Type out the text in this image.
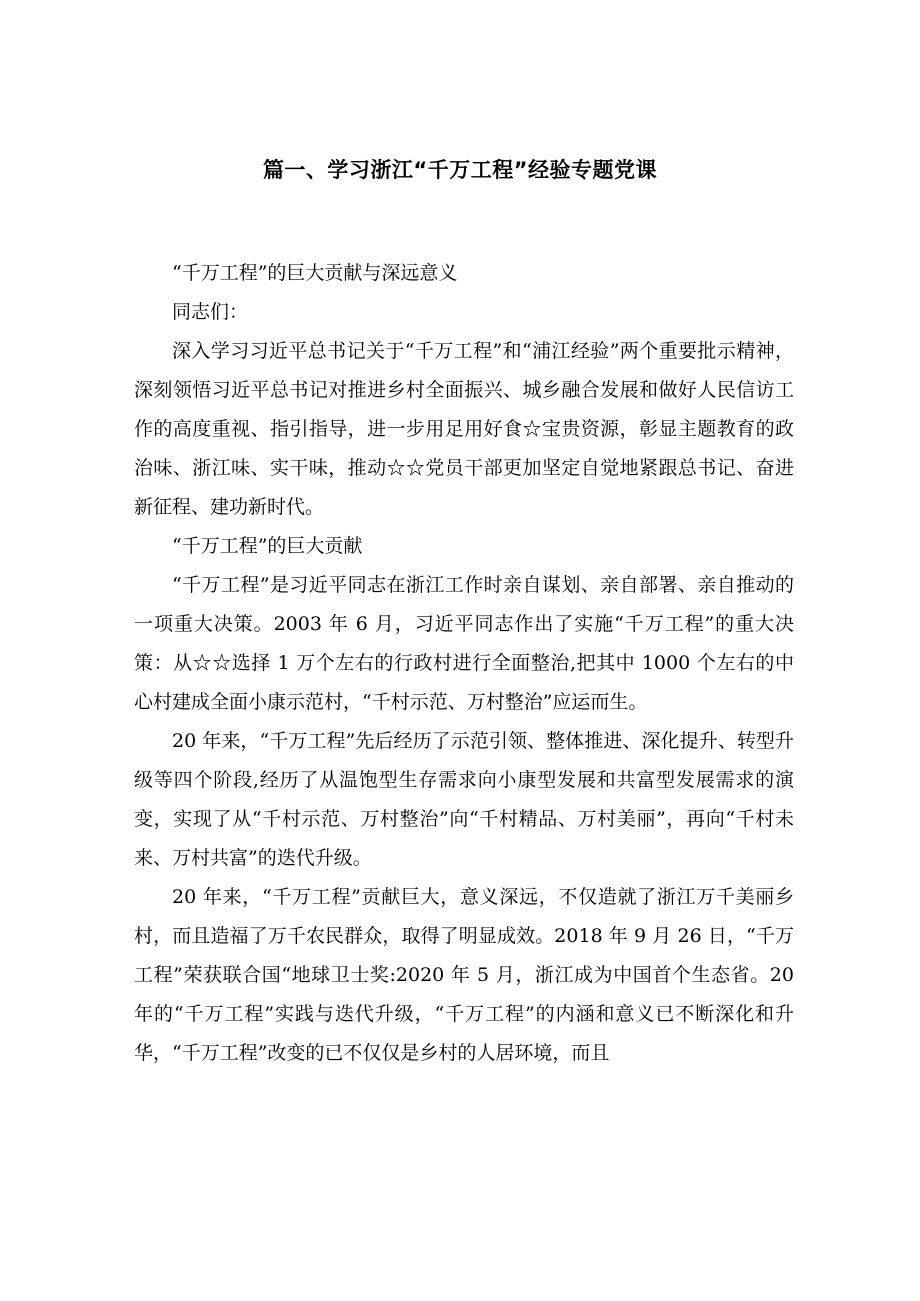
篇一、学习浙江“千万工程”经验专题党课

“千万工程”的巨大贡献与深远意义

同志们：

深入学习习近平总书记关于“千万工程”和“浦江经验”两个重要批示精神，深刻领悟习近平总书记对推进乡村全面振兴、城乡融合发展和做好人民信访工作的高度重视、指引指导，进一步用足用好食☆宝贵资源，彰显主题教育的政治味、浙江味、实干味，推动☆☆党员干部更加坚定自觉地紧跟总书记、奋进新征程、建功新时代。

“千万工程”的巨大贡献

“千万工程”是习近平同志在浙江工作时亲自谋划、亲自部署、亲自推动的一项重大决策。2003 年 6 月，习近平同志作出了实施“千万工程”的重大决策：从☆☆选择 1 万个左右的行政村进行全面整治,把其中 1000 个左右的中心村建成全面小康示范村，“千村示范、万村整治”应运而生。

20 年来，“千万工程”先后经历了示范引领、整体推进、深化提升、转型升级等四个阶段,经历了从温饱型生存需求向小康型发展和共富型发展需求的演变，实现了从“千村示范、万村整治”向“千村精品、万村美丽”，再向“千村未来、万村共富”的迭代升级。

20 年来，“千万工程”贡献巨大，意义深远，不仅造就了浙江万千美丽乡村，而且造福了万千农民群众，取得了明显成效。2018 年 9 月 26 日，“千万工程”荣获联合国“地球卫士奖:2020 年 5 月，浙江成为中国首个生态省。20 年的“千万工程”实践与迭代升级，“千万工程”的内涵和意义已不断深化和升华，“千万工程”改变的已不仅仅是乡村的人居环境，而且
